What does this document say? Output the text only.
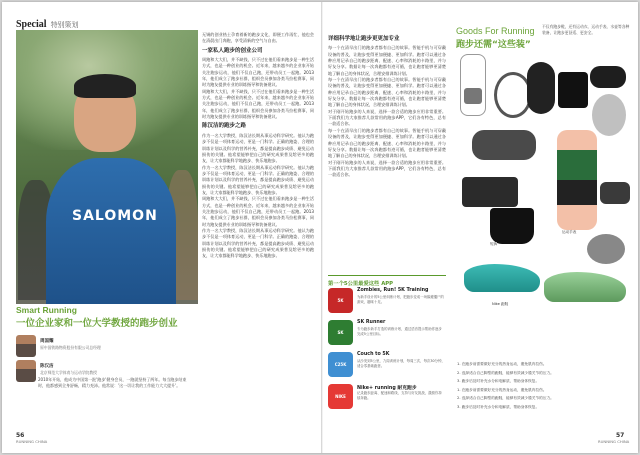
Special 特别策划
SALOMON
Smart Running
一位企业家和一位大学教授的跑步创业
周国耀
原中国铁路物资股份有限公司总经理
陈汉洁
北京师范大学体育与运动学院教授
2010年开始，他成为中国第一批'跑步'健身会员，一跑就坚持了两年。每当跑步结束时，他都感到全身舒畅，精力充沛。他常说：'这一切让我的工作能力大大提升'。
56
RUNNING CHINA

无锡的创业热土孕育着新的跑步文化，即便工作再忙，他也会在清晨出门奔跑，享受清新的空气与自由。

一家私人跑步的创业公司

周跑和大大们，并不缺钱，只不过在他们看来跑步是一种生活方式，也是一种创业的机会。近年来，越来越多的企业家开始关注跑步运动，他们不仅自己跑，还带动员工一起跑。2013年，他们成立了跑步社群，组织会员参加各类马拉松赛事，同时为跑友提供专业的训练指导和装备建议。

周跑和大大们，并不缺钱，只不过在他们看来跑步是一种生活方式，也是一种创业的机会。近年来，越来越多的企业家开始关注跑步运动，他们不仅自己跑，还带动员工一起跑。2013年，他们成立了跑步社群，组织会员参加各类马拉松赛事，同时为跑友提供专业的训练指导和装备建议。

陈汉洁的跑步之路

作为一名大学教授，陈汉洁长期从事运动科学研究。他认为跑步不仅是一项体育运动，更是一门科学。正确的跑姿、合理的训练计划以及科学的营养补充，都是提高跑步成绩、避免运动损伤的关键。他希望能够把自己的研究成果普及给更多的跑友，让大家都能科学地跑步、快乐地跑步。

作为一名大学教授，陈汉洁长期从事运动科学研究。他认为跑步不仅是一项体育运动，更是一门科学。正确的跑姿、合理的训练计划以及科学的营养补充，都是提高跑步成绩、避免运动损伤的关键。他希望能够把自己的研究成果普及给更多的跑友，让大家都能科学地跑步、快乐地跑步。

周跑和大大们，并不缺钱，只不过在他们看来跑步是一种生活方式，也是一种创业的机会。近年来，越来越多的企业家开始关注跑步运动，他们不仅自己跑，还带动员工一起跑。2013年，他们成立了跑步社群，组织会员参加各类马拉松赛事，同时为跑友提供专业的训练指导和装备建议。

作为一名大学教授，陈汉洁长期从事运动科学研究。他认为跑步不仅是一项体育运动，更是一门科学。正确的跑姿、合理的训练计划以及科学的营养补充，都是提高跑步成绩、避免运动损伤的关键。他希望能够把自己的研究成果普及给更多的跑友，让大家都能科学地跑步、快乐地跑步。

详细科学地让跑步更更加专业

每一个在清早出门的跑步者都有自己的故事。智能手机与可穿戴设备的普及，让跑步变得更加便捷、更加科学。跑者可以通过各种应用记录自己的跑步距离、配速、心率和消耗的卡路里，并与好友分享。数据让每一次奔跑都有迹可循，也让跑者能够更清楚地了解自己的身体状况，合理安排训练计划。

每一个在清早出门的跑步者都有自己的故事。智能手机与可穿戴设备的普及，让跑步变得更加便捷、更加科学。跑者可以通过各种应用记录自己的跑步距离、配速、心率和消耗的卡路里，并与好友分享。数据让每一次奔跑都有迹可循，也让跑者能够更清楚地了解自己的身体状况，合理安排训练计划。

对于刚开始跑步的人来说，选择一款合适的跑步应用非常重要。下面我们为大家推荐几款常用的跑步APP，它们各有特色，总有一款适合你。

每一个在清早出门的跑步者都有自己的故事。智能手机与可穿戴设备的普及，让跑步变得更加便捷、更加科学。跑者可以通过各种应用记录自己的跑步距离、配速、心率和消耗的卡路里，并与好友分享。数据让每一次奔跑都有迹可循，也让跑者能够更清楚地了解自己的身体状况，合理安排训练计划。

对于刚开始跑步的人来说，选择一款合适的跑步应用非常重要。下面我们为大家推荐几款常用的跑步APP，它们各有特色，总有一款适合你。

第一个5公里最爱这些 APP
5K
Zombies, Run! 5K Training
为新手设计的5公里训练计划，把跑步变成一场躲避僵尸的游戏，趣味十足。
SK
SK Runner
专为跑步新手打造的训练计划，通过语音提示帮助你逐步完成5公里目标。
C25K
Couch to 5K
从沙发到5公里，九周训练计划，每周三次，每次30分钟，适合零基础跑者。
NIKE
Nike+ running 耐克跑步
记录跑步距离、配速和路线，支持与好友挑战，激励你持续奔跑。
Goods For Running
跑步还需“这些装”
不仅有跑步鞋，还有运动衣、运动手表、水壶等各种装备，让跑步更舒适、更安全。
短裤
运动手表
Nike 跑鞋

1. 在跑步前需要做好充分的热身运动，避免肌肉拉伤。

2. 选择适合自己脚型的跑鞋，能够有效减少膝关节的压力。

3. 跑步后及时补充水分和电解质，帮助身体恢复。

1. 在跑步前需要做好充分的热身运动，避免肌肉拉伤。

2. 选择适合自己脚型的跑鞋，能够有效减少膝关节的压力。

3. 跑步后及时补充水分和电解质，帮助身体恢复。

57
RUNNING CHINA
